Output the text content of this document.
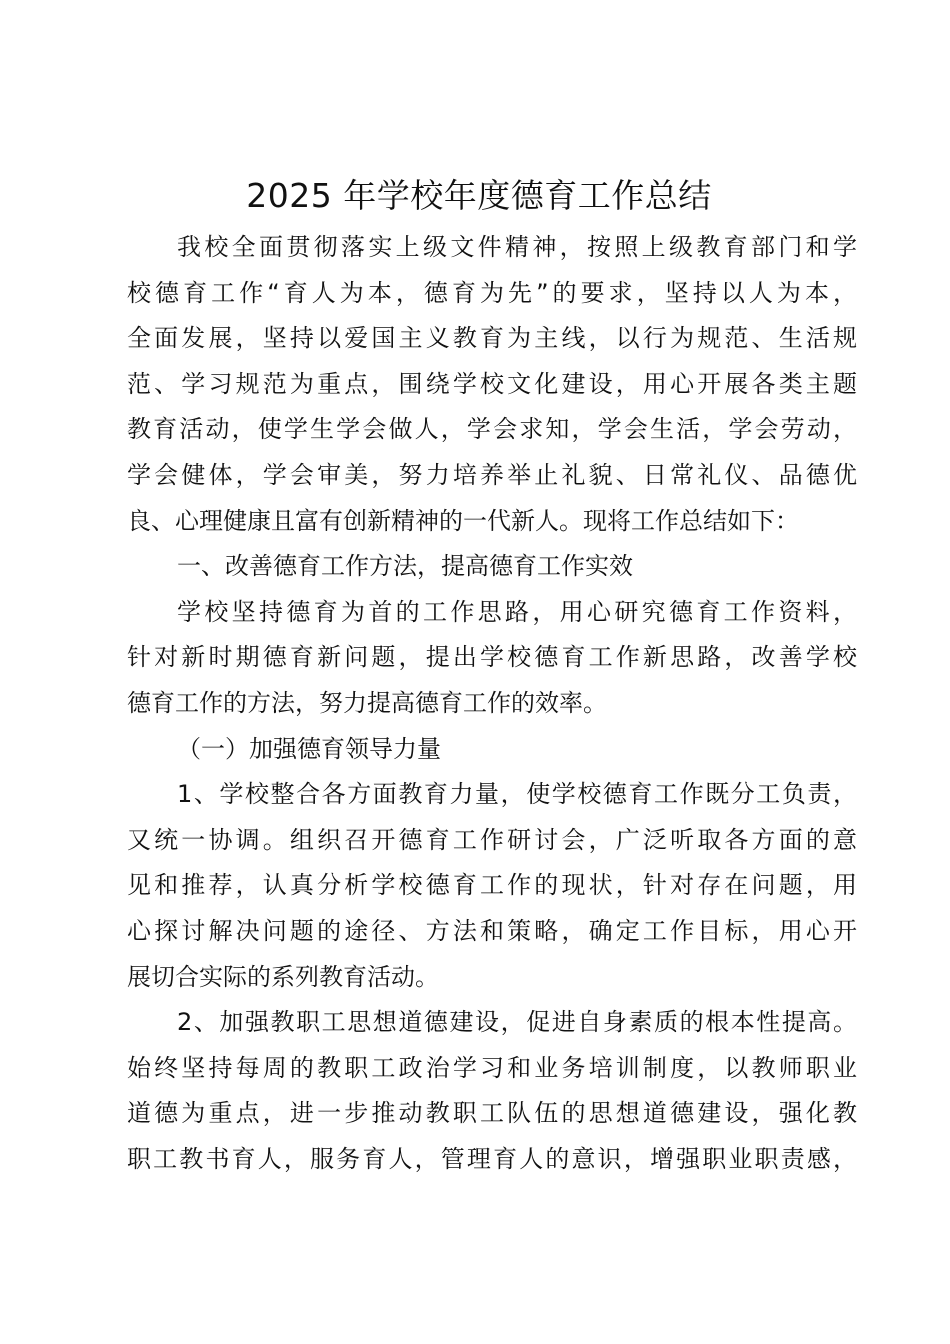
2025 年学校年度德育工作总结
我校全面贯彻落实上级文件精神，按照上级教育部门和学
校德育工作“育人为本，德育为先”的要求，坚持以人为本，
全面发展，坚持以爱国主义教育为主线，以行为规范、生活规
范、学习规范为重点，围绕学校文化建设，用心开展各类主题
教育活动，使学生学会做人，学会求知，学会生活，学会劳动，
学会健体，学会审美，努力培养举止礼貌、日常礼仪、品德优
良、心理健康且富有创新精神的一代新人。现将工作总结如下：
一、改善德育工作方法，提高德育工作实效
学校坚持德育为首的工作思路，用心研究德育工作资料，
针对新时期德育新问题，提出学校德育工作新思路，改善学校
德育工作的方法，努力提高德育工作的效率。
（一）加强德育领导力量
1、学校整合各方面教育力量，使学校德育工作既分工负责，
又统一协调。组织召开德育工作研讨会，广泛听取各方面的意
见和推荐，认真分析学校德育工作的现状，针对存在问题，用
心探讨解决问题的途径、方法和策略，确定工作目标，用心开
展切合实际的系列教育活动。
2、加强教职工思想道德建设，促进自身素质的根本性提高。
始终坚持每周的教职工政治学习和业务培训制度，以教师职业
道德为重点，进一步推动教职工队伍的思想道德建设，强化教
职工教书育人，服务育人，管理育人的意识，增强职业职责感，
